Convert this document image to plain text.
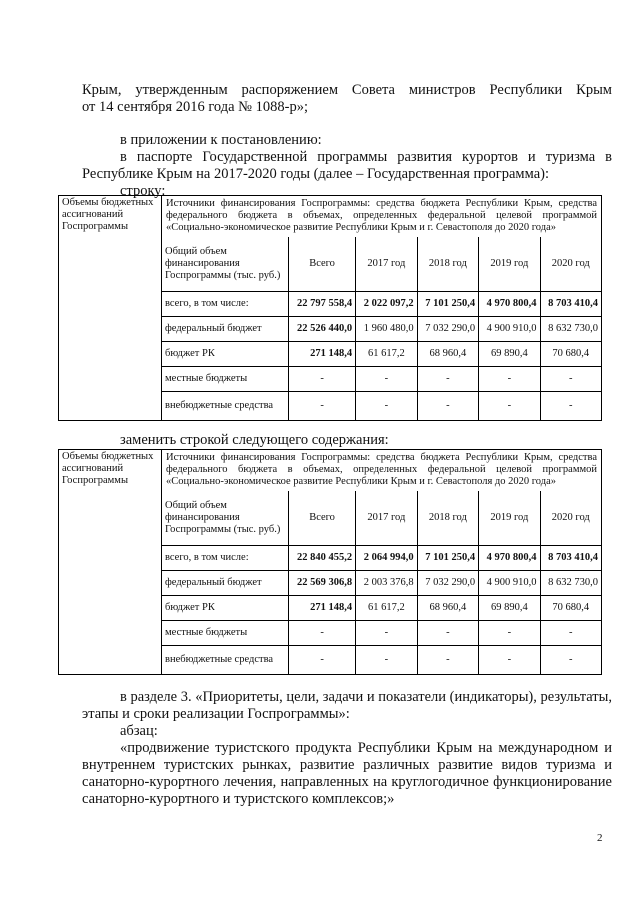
Крым, утвержденным распоряжением Совета министров Республики Крым

от 14 сентября 2016 года № 1088-р»;

в приложении к постановлению:

в паспорте Государственной программы развития курортов и туризма в Республике Крым на 2017-2020 годы (далее – Государственная программа):

строку:

Объемы бюджетных ассигнований Госпрограммы	
Источники финансирования Госпрограммы: средства бюджета Республики Крым, средства федерального бюджета в объемах, определенных федеральной целевой программой «Социально-экономическое развитие Республики Крым и г. Севастополя до 2020 года»
Общий объем финансирования Госпрограммы (тыс. руб.)	Всего	2017 год	2018 год	2019 год	2020 год
всего, в том числе:	22 797 558,4	2 022 097,2	7 101 250,4	4 970 800,4	8 703 410,4
федеральный бюджет	22 526 440,0	1 960 480,0	7 032 290,0	4 900 910,0	8 632 730,0
бюджет РК	271 148,4	61 617,2	68 960,4	69 890,4	70 680,4
местные бюджеты	-	-	-	-	-
внебюджетные средства	-	-	-	-	-

заменить строкой следующего содержания:

Объемы бюджетных ассигнований Госпрограммы	
Источники финансирования Госпрограммы: средства бюджета Республики Крым, средства федерального бюджета в объемах, определенных федеральной целевой программой «Социально-экономическое развитие Республики Крым и г. Севастополя до 2020 года»
Общий объем финансирования Госпрограммы (тыс. руб.)	Всего	2017 год	2018 год	2019 год	2020 год
всего, в том числе:	22 840 455,2	2 064 994,0	7 101 250,4	4 970 800,4	8 703 410,4
федеральный бюджет	22 569 306,8	2 003 376,8	7 032 290,0	4 900 910,0	8 632 730,0
бюджет РК	271 148,4	61 617,2	68 960,4	69 890,4	70 680,4
местные бюджеты	-	-	-	-	-
внебюджетные средства	-	-	-	-	-

в разделе 3. «Приоритеты, цели, задачи и показатели (индикаторы), результаты, этапы и сроки реализации Госпрограммы»:

абзац:

«продвижение туристского продукта Республики Крым на международном и внутреннем туристских рынках, развитие различных развитие видов туризма и санаторно-курортного лечения, направленных на круглогодичное функционирование санаторно-курортного и туристского комплексов;»

2
